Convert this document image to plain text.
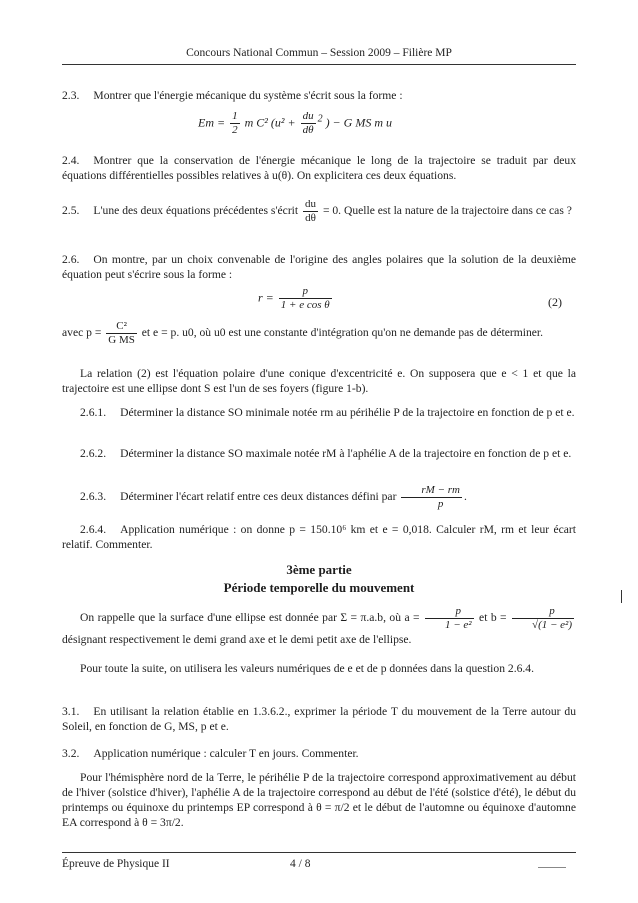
Concours National Commun – Session 2009 – Filière MP
2.3. Montrer que l'énergie mécanique du système s'écrit sous la forme :
$Em = \frac{1}{2}$ m C² ($u^2 + \frac{du}{d\theta} ^2$ ) − G MS m u
2.4. Montrer que la conservation de l'énergie mécanique le long de la trajectoire se traduit par deux équations différentielles possibles relatives à u(θ). On explicitera ces deux équations.
2.5. L'une des deux équations précédentes s'écrit $\frac{du}{d\theta} = 0$. Quelle est la nature de la trajectoire dans ce cas ?
2.6. On montre, par un choix convenable de l'origine des angles polaires que la solution de la deuxième équation peut s'écrire sous la forme :
$r = \frac{p}{\text{1 + e cos θ}}$	(2)
avec $p = \frac{\text{C²}}{\text{G MS}}$ et e = p. u0, où u0 est une constante d'intégration qu'on ne demande pas de déterminer.
La relation (2) est l'équation polaire d'une conique d'excentricité e. On supposera que e < 1 et que la trajectoire est une ellipse dont S est l'un de ses foyers (figure 1-b).
2.6.1. Déterminer la distance SO minimale notée rm au périhélie P de la trajectoire en fonction de p et e.
2.6.2. Déterminer la distance SO maximale notée rM à l'aphélie A de la trajectoire en fonction de p et e.
2.6.3. Déterminer l'écart relatif entre ces deux distances défini par $\frac{rM - rm}{p}$ .
2.6.4. Application numérique : on donne p = 150.10⁶ km et e = 0,018. Calculer rM, rm et leur écart relatif. Commenter.
3ème partie
Période temporelle du mouvement
On rappelle que la surface d'une ellipse est donnée par Σ = π.a.b, où $a = \frac{p}{\text{1 − e²}}$ et $b = \frac{p}{\text{√(1 − e²)}}$
désignant respectivement le demi grand axe et le demi petit axe de l'ellipse.
Pour toute la suite, on utilisera les valeurs numériques de e et de p données dans la question 2.6.4.
3.1. En utilisant la relation établie en 1.3.6.2., exprimer la période T du mouvement de la Terre autour du Soleil, en fonction de G, MS, p et e.
3.2. Application numérique : calculer T en jours. Commenter.
Pour l'hémisphère nord de la Terre, le périhélie P de la trajectoire correspond approximativement au début de l'hiver (solstice d'hiver), l'aphélie A de la trajectoire correspond au début de l'été (solstice d'été), le début du printemps ou équinoxe du printemps EP correspond à θ = π/2 et le début de l'automne ou équinoxe d'automne EA correspond à θ = 3π/2.
Épreuve de Physique II	4 / 8
